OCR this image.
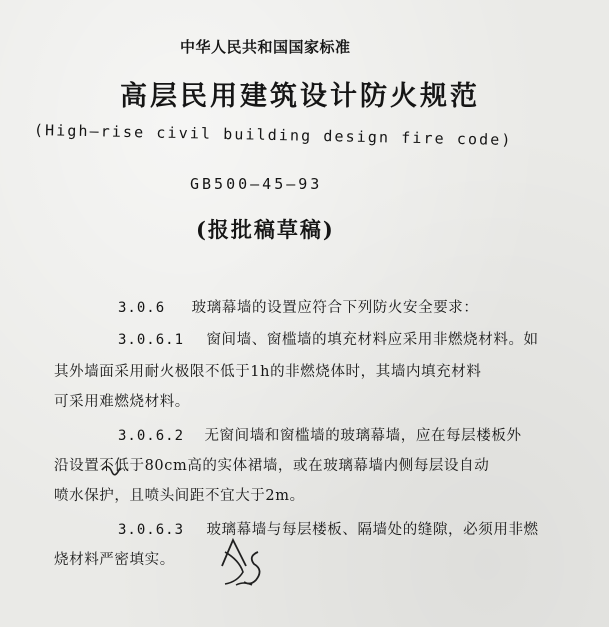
中华人民共和国国家标准
高层民用建筑设计防火规范
(High—rise civil building design fire code)
GB500—45—93
(报批稿草稿)
3.0.6 玻璃幕墙的设置应符合下列防火安全要求：
3.0.6.1 窗间墙、窗槛墙的填充材料应采用非燃烧材料。如
其外墙面采用耐火极限不低于1h的非燃烧体时，其墙内填充材料
可采用难燃烧材料。
3.0.6.2 无窗间墙和窗槛墙的玻璃幕墙，应在每层楼板外
沿设置不低于80cm高的实体裙墙，或在玻璃幕墙内侧每层设自动
喷水保护，且喷头间距不宜大于2m。
3.0.6.3 玻璃幕墙与每层楼板、隔墙处的缝隙，必须用非燃
烧材料严密填实。
